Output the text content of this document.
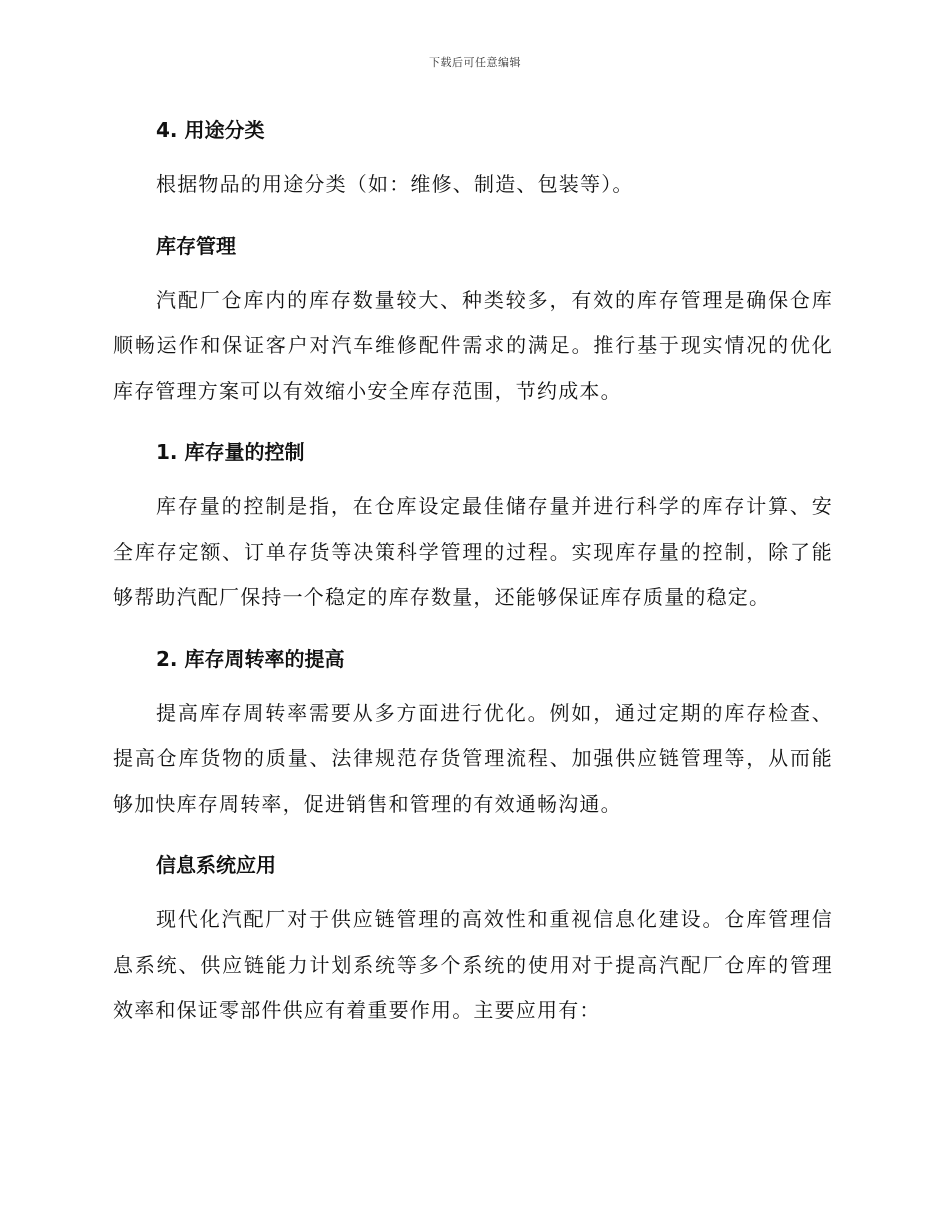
下载后可任意编辑
4. 用途分类

根据物品的用途分类（如：维修、制造、包装等）。

库存管理

汽配厂仓库内的库存数量较大、种类较多，有效的库存管理是确保仓库顺畅运作和保证客户对汽车维修配件需求的满足。推行基于现实情况的优化库存管理方案可以有效缩小安全库存范围，节约成本。

1. 库存量的控制

库存量的控制是指，在仓库设定最佳储存量并进行科学的库存计算、安全库存定额、订单存货等决策科学管理的过程。实现库存量的控制，除了能够帮助汽配厂保持一个稳定的库存数量，还能够保证库存质量的稳定。

2. 库存周转率的提高

提高库存周转率需要从多方面进行优化。例如，通过定期的库存检查、提高仓库货物的质量、法律规范存货管理流程、加强供应链管理等，从而能够加快库存周转率，促进销售和管理的有效通畅沟通。

信息系统应用

现代化汽配厂对于供应链管理的高效性和重视信息化建设。仓库管理信息系统、供应链能力计划系统等多个系统的使用对于提高汽配厂仓库的管理效率和保证零部件供应有着重要作用。主要应用有：
